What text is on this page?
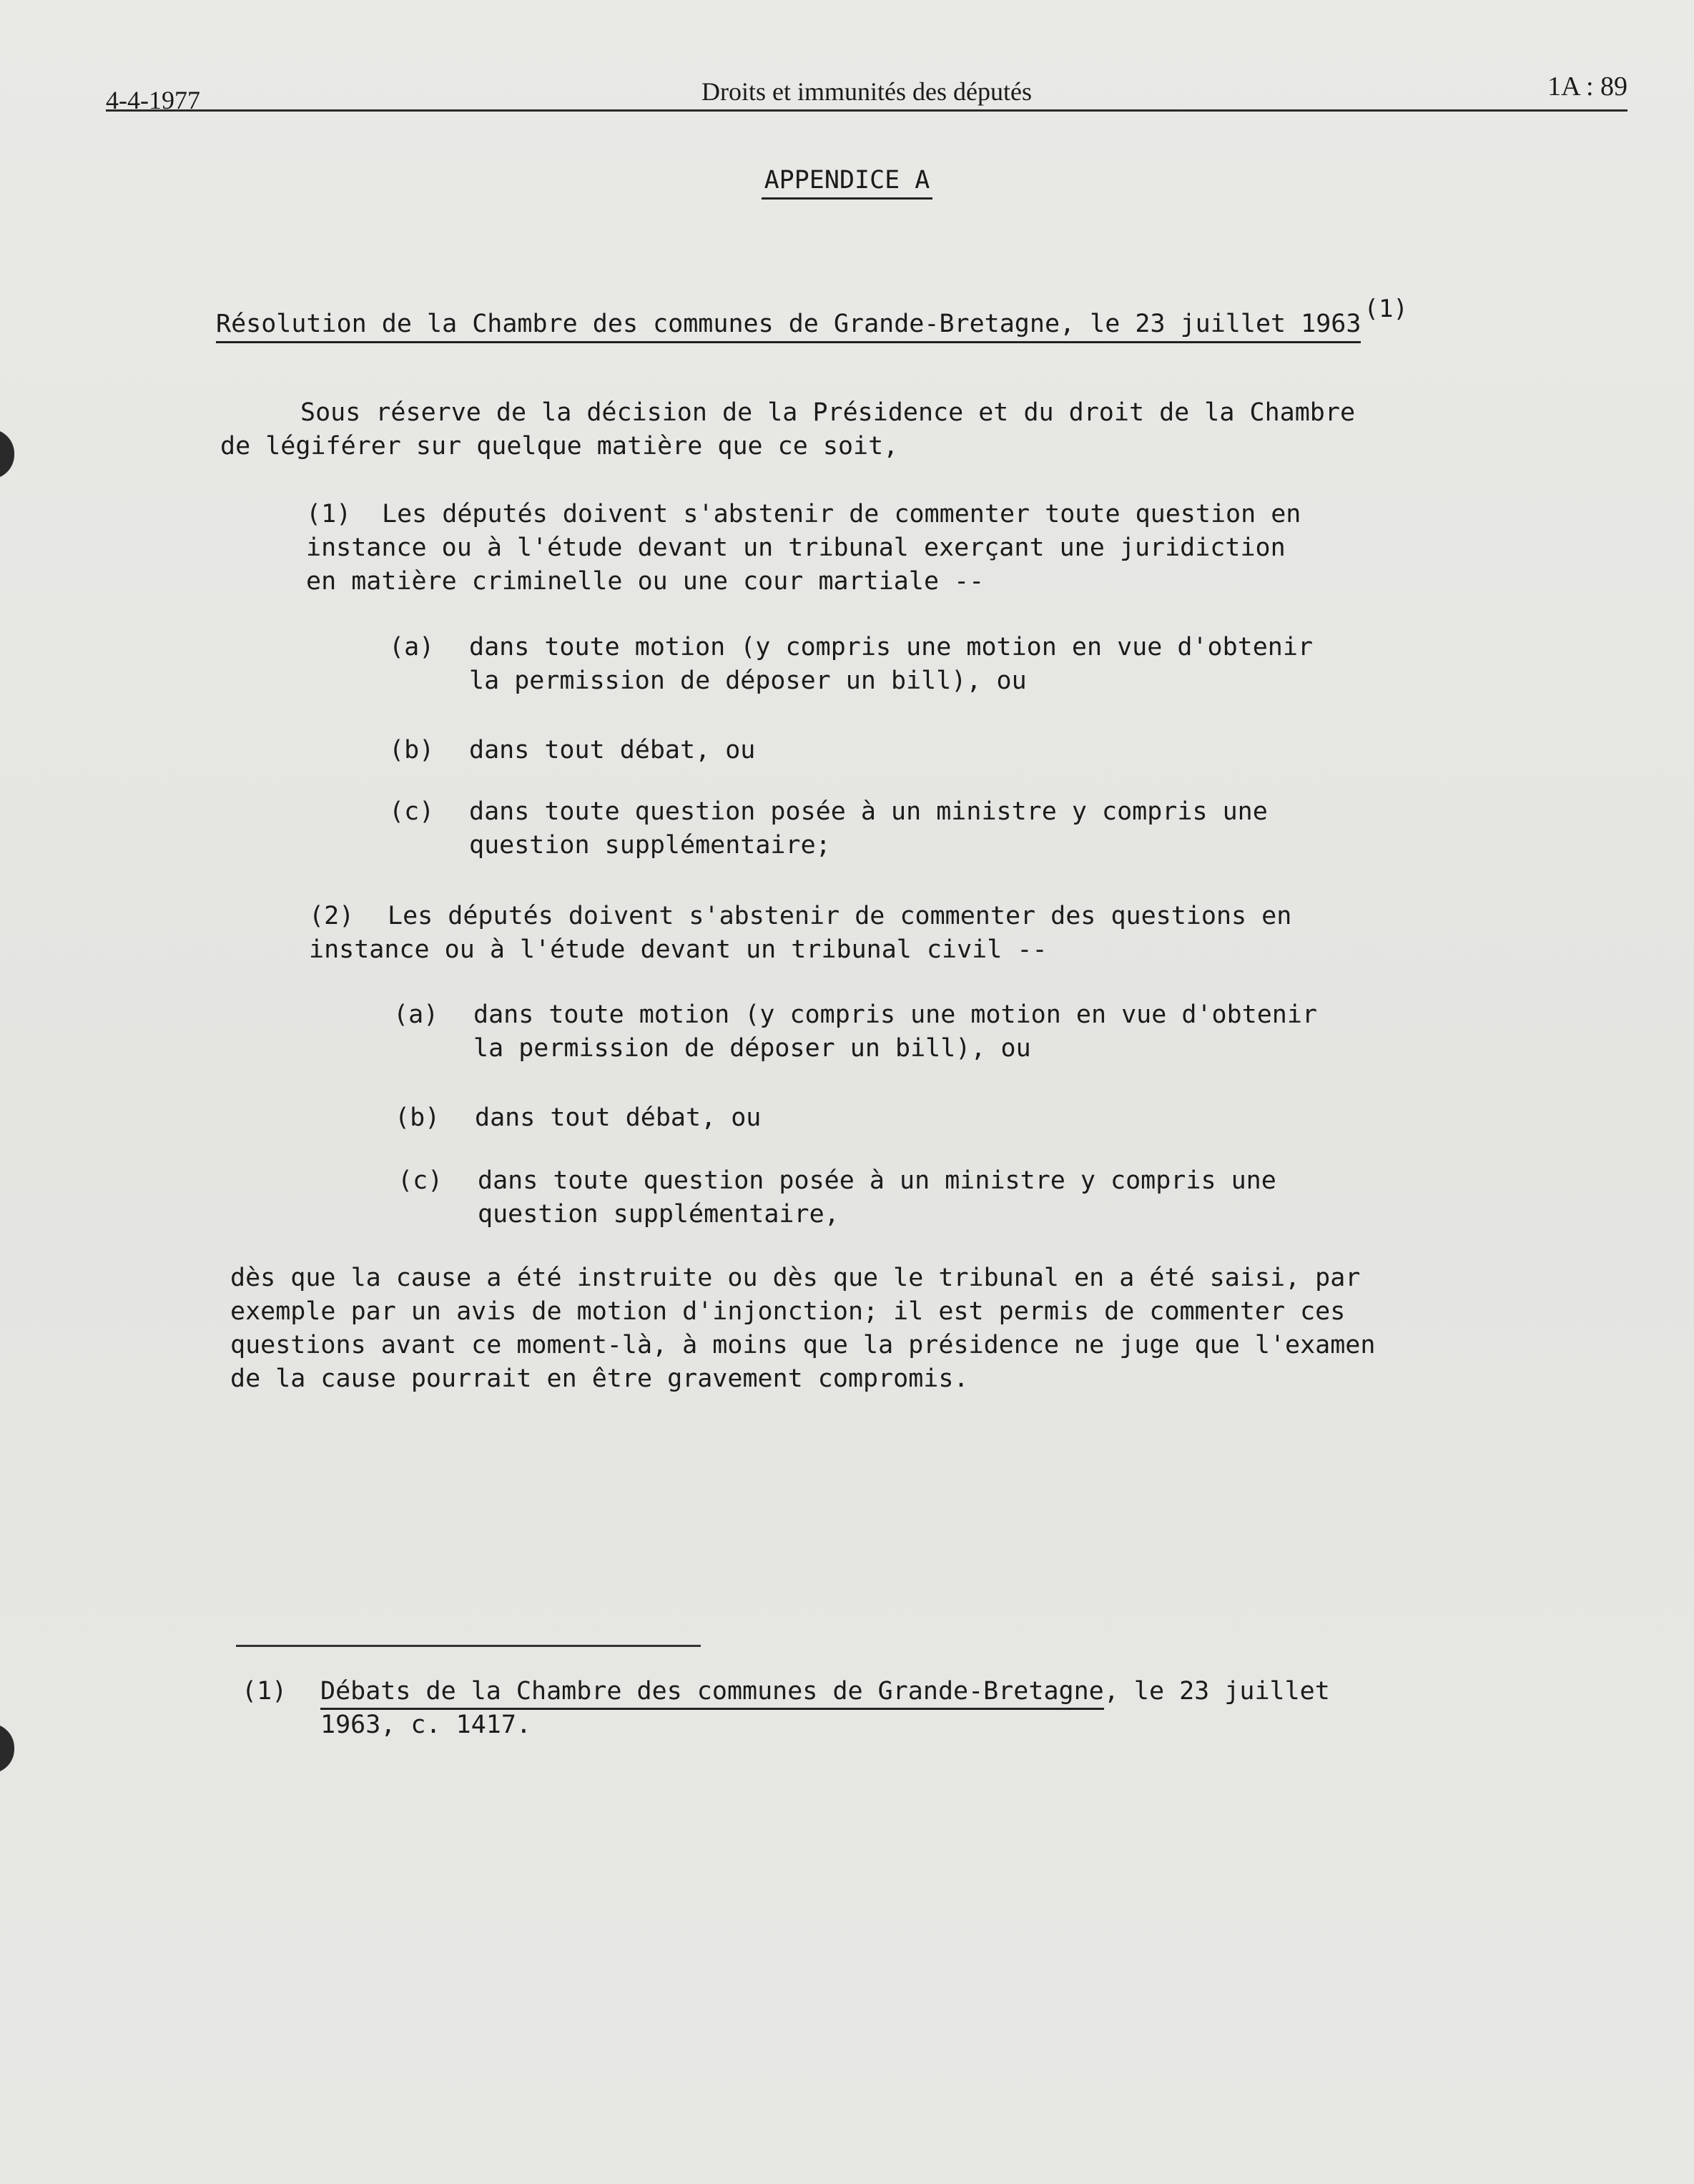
4-4-1977	Droits et immunités des députés	1A : 89
APPENDICE A
Résolution de la Chambre des communes de Grande-Bretagne, le 23 juillet 1963$^{(1)}$
Sous réserve de la décision de la Présidence et du droit de la Chambre
de légiférer sur quelque matière que ce soit,
(1) Les députés doivent s'abstenir de commenter toute question en
instance ou à l'étude devant un tribunal exerçant une juridiction
en matière criminelle ou une cour martiale --
(a) dans toute motion (y compris une motion en vue d'obtenir
la permission de déposer un bill), ou
(b) dans tout débat, ou
(c) dans toute question posée à un ministre y compris une
question supplémentaire;
(2) Les députés doivent s'abstenir de commenter des questions en
instance ou à l'étude devant un tribunal civil --
(a) dans toute motion (y compris une motion en vue d'obtenir
la permission de déposer un bill), ou
(b) dans tout débat, ou
(c) dans toute question posée à un ministre y compris une
question supplémentaire,
dès que la cause a été instruite ou dès que le tribunal en a été saisi, par
exemple par un avis de motion d'injonction; il est permis de commenter ces
questions avant ce moment-là, à moins que la présidence ne juge que l'examen
de la cause pourrait en être gravement compromis.
(1) Débats de la Chambre des communes de Grande-Bretagne, le 23 juillet
1963, c. 1417.
